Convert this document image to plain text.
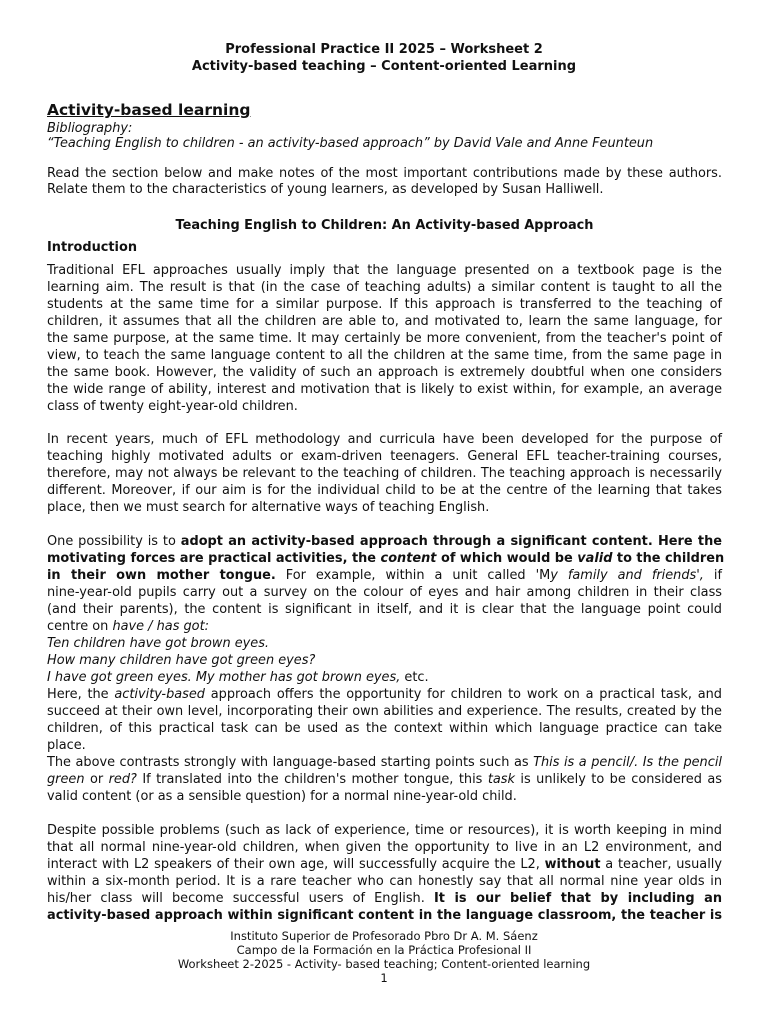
Professional Practice II 2025 – Worksheet 2
Activity-based teaching – Content-oriented Learning
Activity-based learning
Bibliography:
“Teaching English to children - an activity-based approach” by David Vale and Anne Feunteun
Read the section below and make notes of the most important contributions made by these authors.
Relate them to the characteristics of young learners, as developed by Susan Halliwell.
Teaching English to Children: An Activity-based Approach
Introduction
Traditional EFL approaches usually imply that the language presented on a textbook page is the
learning aim. The result is that (in the case of teaching adults) a similar content is taught to all the
students at the same time for a similar purpose. If this approach is transferred to the teaching of
children, it assumes that all the children are able to, and motivated to, learn the same language, for
the same purpose, at the same time. It may certainly be more convenient, from the teacher's point of
view, to teach the same language content to all the children at the same time, from the same page in
the same book. However, the validity of such an approach is extremely doubtful when one considers
the wide range of ability, interest and motivation that is likely to exist within, for example, an average
class of twenty eight-year-old children.
In recent years, much of EFL methodology and curricula have been developed for the purpose of
teaching highly motivated adults or exam-driven teenagers. General EFL teacher-training courses,
therefore, may not always be relevant to the teaching of children. The teaching approach is necessarily
different. Moreover, if our aim is for the individual child to be at the centre of the learning that takes
place, then we must search for alternative ways of teaching English.
One possibility is to adopt an activity-based approach through a significant content. Here the
motivating forces are practical activities, the content of which would be valid to the children
in their own mother tongue. For example, within a unit called 'My family and friends', if
nine-year-old pupils carry out a survey on the colour of eyes and hair among children in their class
(and their parents), the content is significant in itself, and it is clear that the language point could
centre on have / has got:
Ten children have got brown eyes.
How many children have got green eyes?
I have got green eyes. My mother has got brown eyes, etc.
Here, the activity-based approach offers the opportunity for children to work on a practical task, and
succeed at their own level, incorporating their own abilities and experience. The results, created by the
children, of this practical task can be used as the context within which language practice can take
place.
The above contrasts strongly with language-based starting points such as This is a pencil/. Is the pencil
green or red? If translated into the children's mother tongue, this task is unlikely to be considered as
valid content (or as a sensible question) for a normal nine-year-old child.
Despite possible problems (such as lack of experience, time or resources), it is worth keeping in mind
that all normal nine-year-old children, when given the opportunity to live in an L2 environment, and
interact with L2 speakers of their own age, will successfully acquire the L2, without a teacher, usually
within a six-month period. It is a rare teacher who can honestly say that all normal nine year olds in
his/her class will become successful users of English. It is our belief that by including an
activity-based approach within significant content in the language classroom, the teacher is
Instituto Superior de Profesorado Pbro Dr A. M. Sáenz
Campo de la Formación en la Práctica Profesional II
Worksheet 2-2025 - Activity- based teaching; Content-oriented learning
1
